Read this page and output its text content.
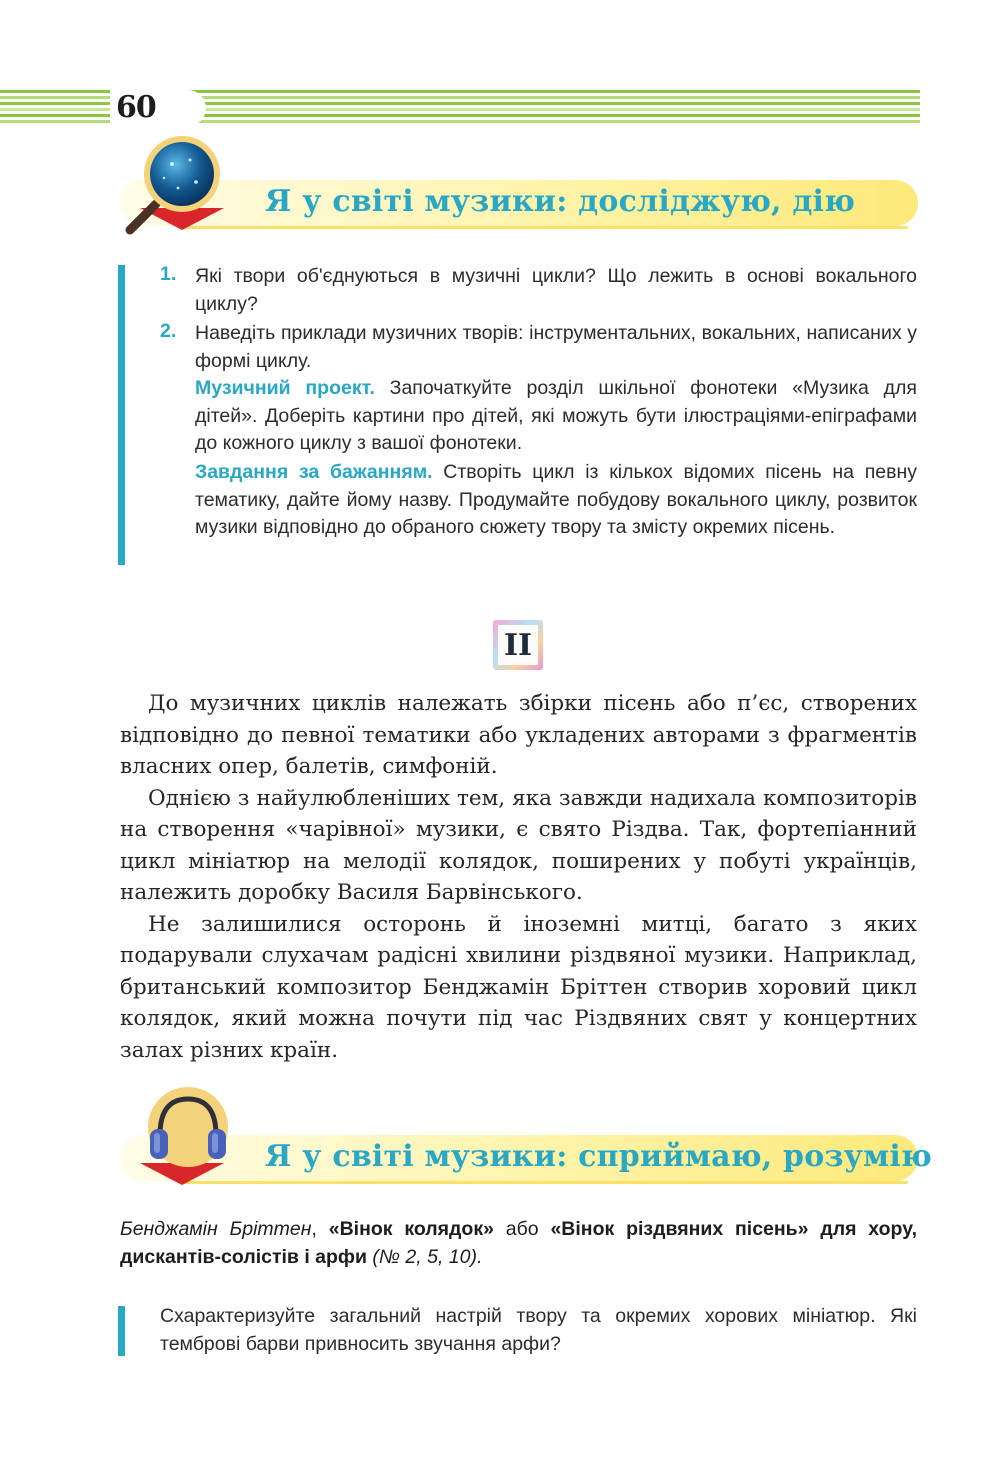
60
Я у світі музики: досліджую, дію
1. Які твори об'єднуються в музичні цикли? Що лежить в основі вокального циклу?
2. Наведіть приклади музичних творів: інструментальних, вокальних, написаних у формі циклу.
Музичний проект. Започаткуйте розділ шкільної фонотеки «Музика для дітей». Доберіть картини про дітей, які можуть бути ілюстраціями-епіграфами до кожного циклу з вашої фонотеки.
Завдання за бажанням. Створіть цикл із кількох відомих пісень на певну тематику, дайте йому назву. Продумайте побудову вокального циклу, розвиток музики відповідно до обраного сюжету твору та змісту окремих пісень.
II

До музичних циклів належать збірки пісень або п’єс, створених відповідно до певної тематики або укладених авторами з фрагментів власних опер, балетів, симфоній.

Однією з найулюбленіших тем, яка завжди надихала композиторів на створення «чарівної» музики, є свято Різдва. Так, фортепіанний цикл мініатюр на мелодії колядок, поширених у побуті українців, належить доробку Василя Барвінського.

Не залишилися осторонь й іноземні митці, багато з яких подарували слухачам радісні хвилини різдвяної музики. Наприклад, британський композитор Бенджамін Бріттен створив хоровий цикл колядок, який можна почути під час Різдвяних свят у концертних залах різних країн.

Я у світі музики: сприймаю, розумію
Бенджамін Бріттен, «Вінок колядок» або «Вінок різдвяних пісень» для хору, дискантів-солістів і арфи (№ 2, 5, 10).
Схарактеризуйте загальний настрій твору та окремих хорових мініатюр. Які темброві барви привносить звучання арфи?
